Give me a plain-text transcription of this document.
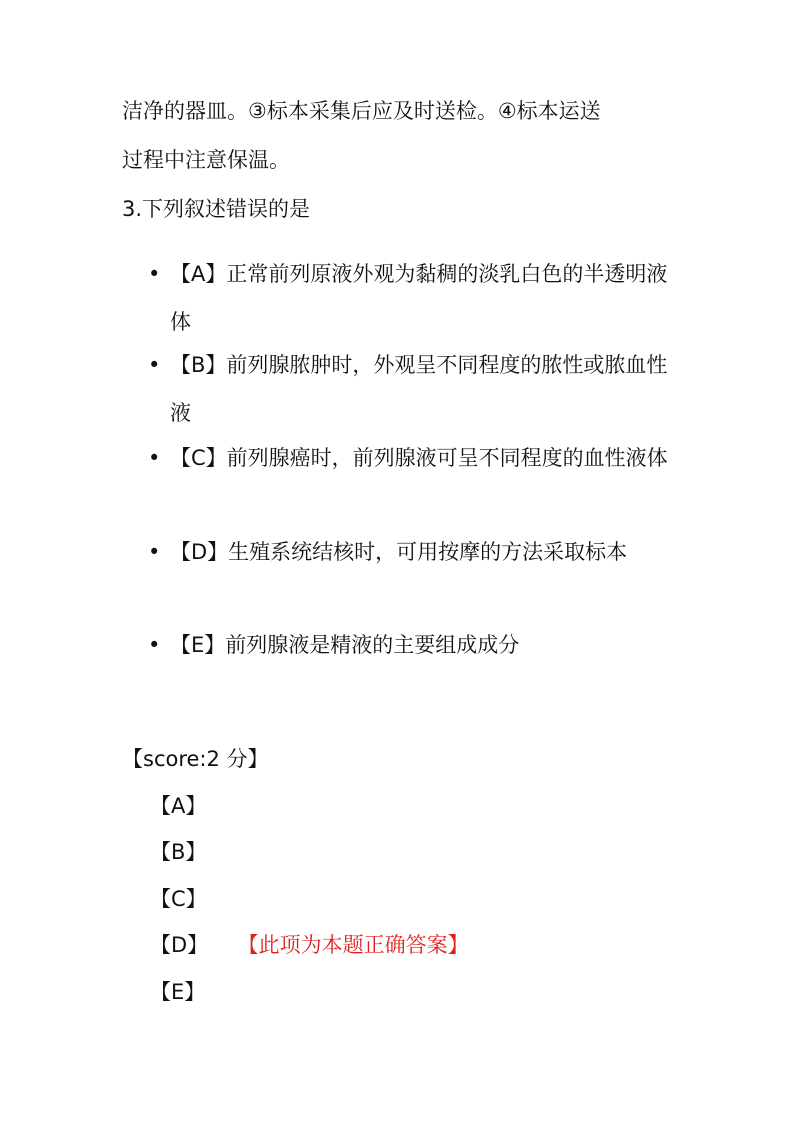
洁净的器皿。③标本采集后应及时送检。④标本运送
过程中注意保温。
3.下列叙述错误的是
• 【A】正常前列原液外观为黏稠的淡乳白色的半透明液体
• 【B】前列腺脓肿时，外观呈不同程度的脓性或脓血性液
• 【C】前列腺癌时，前列腺液可呈不同程度的血性液体
• 【D】生殖系统结核时，可用按摩的方法采取标本
• 【E】前列腺液是精液的主要组成成分
【score:2 分】
【A】
【B】
【C】
【D】 【此项为本题正确答案】
【E】
